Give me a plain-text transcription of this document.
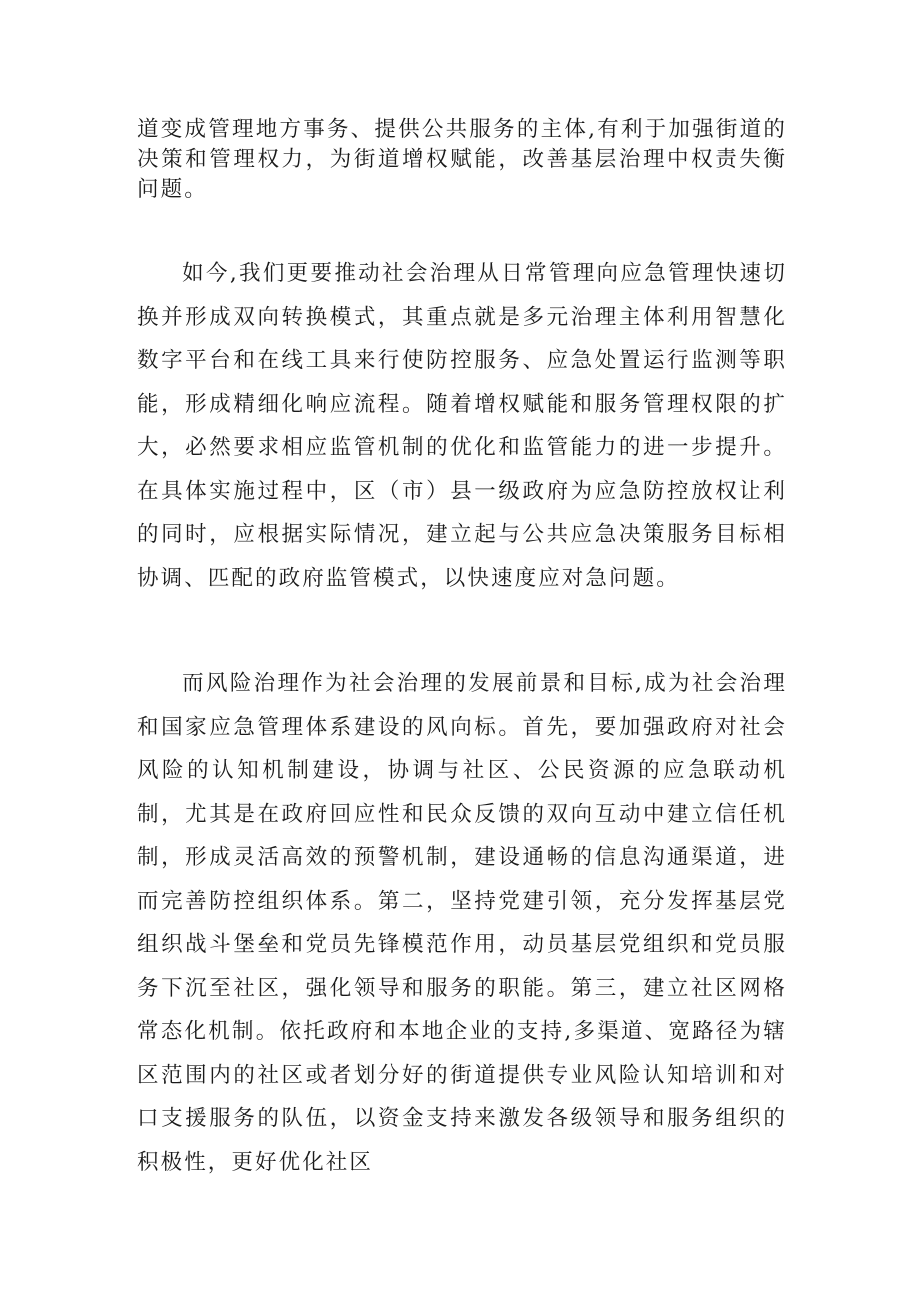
道变成管理地方事务、提供公共服务的主体,有利于加强街道的决策和管理权力，为街道增权赋能，改善基层治理中权责失衡问题。

如今,我们更要推动社会治理从日常管理向应急管理快速切换并形成双向转换模式，其重点就是多元治理主体利用智慧化数字平台和在线工具来行使防控服务、应急处置运行监测等职能，形成精细化响应流程。随着增权赋能和服务管理权限的扩大，必然要求相应监管机制的优化和监管能力的进一步提升。在具体实施过程中，区（市）县一级政府为应急防控放权让利的同时，应根据实际情况，建立起与公共应急决策服务目标相协调、匹配的政府监管模式，以快速度应对急问题。

而风险治理作为社会治理的发展前景和目标,成为社会治理和国家应急管理体系建设的风向标。首先，要加强政府对社会风险的认知机制建设，协调与社区、公民资源的应急联动机制，尤其是在政府回应性和民众反馈的双向互动中建立信任机制，形成灵活高效的预警机制，建设通畅的信息沟通渠道，进而完善防控组织体系。第二，坚持党建引领，充分发挥基层党组织战斗堡垒和党员先锋模范作用，动员基层党组织和党员服务下沉至社区，强化领导和服务的职能。第三，建立社区网格常态化机制。依托政府和本地企业的支持,多渠道、宽路径为辖区范围内的社区或者划分好的街道提供专业风险认知培训和对口支援服务的队伍，以资金支持来激发各级领导和服务组织的积极性，更好优化社区
